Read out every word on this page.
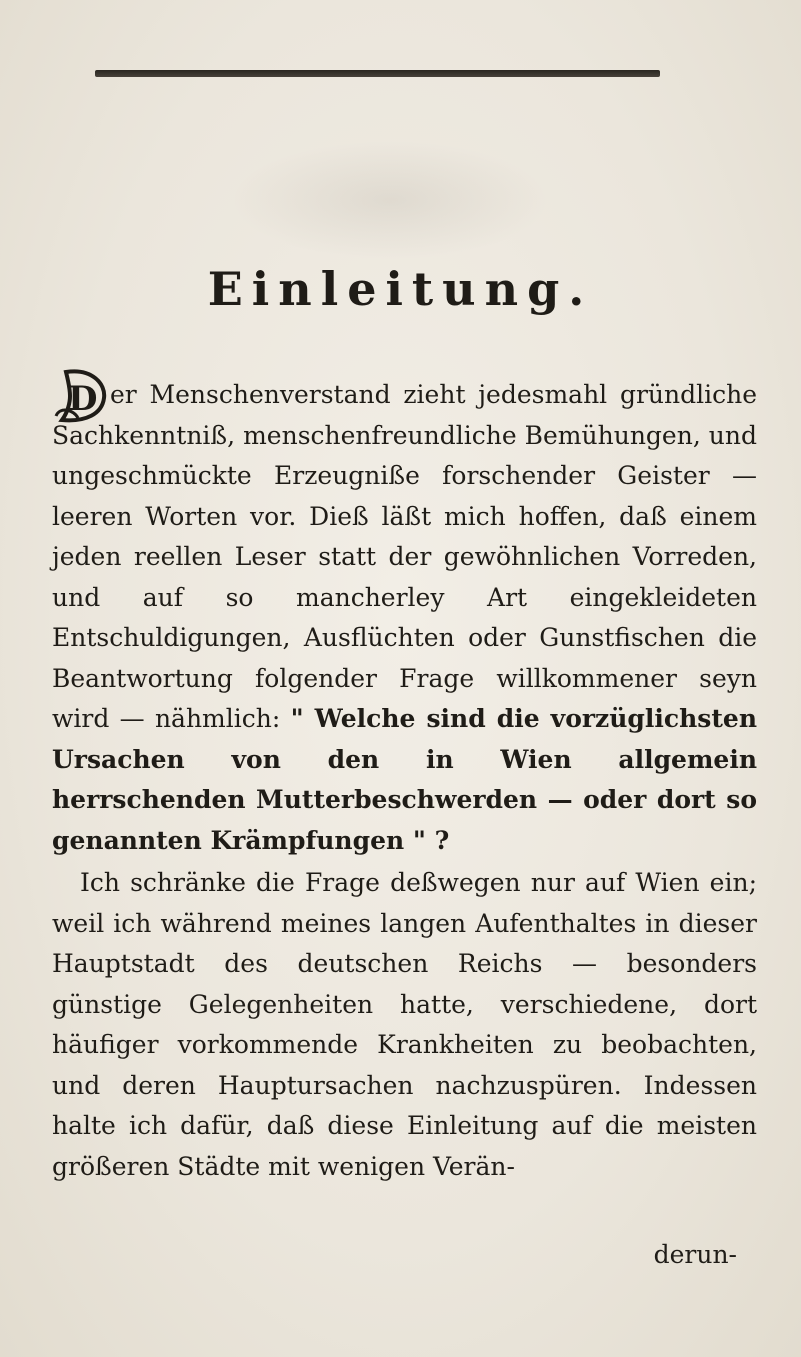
Einleitung.
D er Menschenverstand zieht jedesmahl gründliche Sachkenntniß, menschenfreundliche Bemühungen, und ungeschmückte Erzeugniße forschender Geister — leeren Worten vor. Dieß läßt mich hoffen, daß einem jeden reellen Leser statt der gewöhnlichen Vorreden, und auf so mancherley Art eingekleideten Entschuldigungen, Ausflüchten oder Gunstfischen die Beantwortung folgender Frage willkommener seyn wird — nähmlich: " Welche sind die vorzüglichsten Ursachen von den in Wien allgemein herrschenden Mutterbeschwerden — oder dort so genannten Krämpfungen " ?

Ich schränke die Frage deßwegen nur auf Wien ein; weil ich während meines langen Aufenthaltes in dieser Hauptstadt des deutschen Reichs — besonders günstige Gelegenheiten hatte, verschiedene, dort häufiger vorkommende Krankheiten zu beobachten, und deren Hauptursachen nachzuspüren. Indessen halte ich dafür, daß diese Einleitung auf die meisten größeren Städte mit wenigen Verän-

derun-
